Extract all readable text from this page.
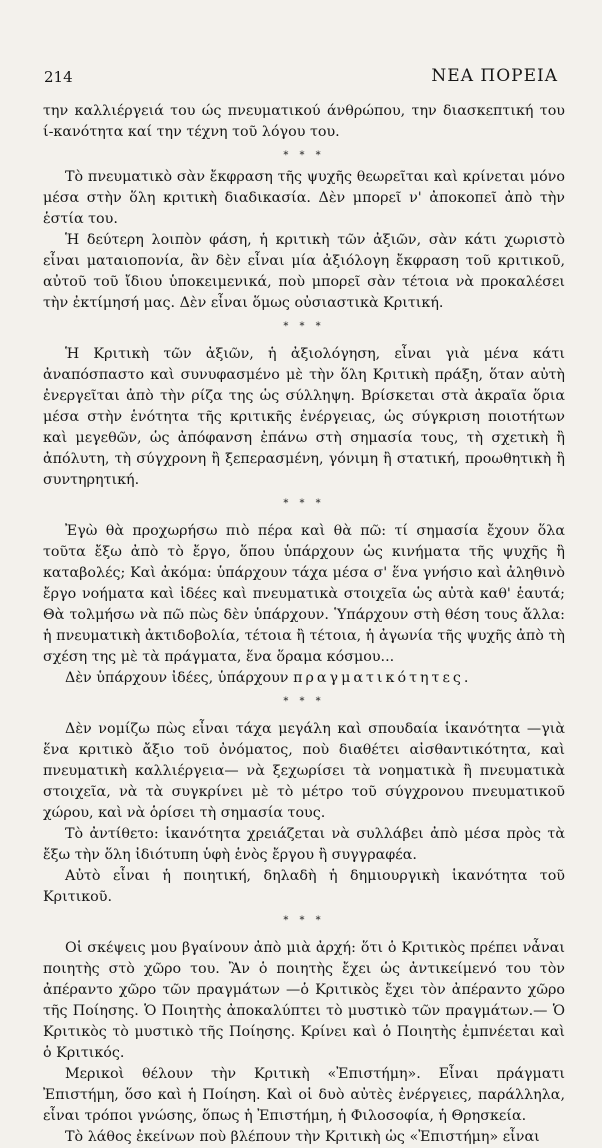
214	ΝΕΑ ΠΟΡΕΙΑ

την καλλιέργειά του ώς πνευματικού άνθρώπου, την διασκεπτική του ί-κανότητα καί την τέχνη τοῦ λόγου του.

* * *

Τὸ πνευματικὸ σὰν ἔκφραση τῆς ψυχῆς θεωρεῖται καὶ κρίνεται μόνο μέσα στὴν ὅλη κριτικὴ διαδικασία. Δὲν μπορεῖ ν' ἀποκοπεῖ ἀπὸ τὴν ἑστία του.

Ἡ δεύτερη λοιπὸν φάση, ἡ κριτικὴ τῶν ἀξιῶν, σὰν κάτι χωριστὸ εἶναι ματαιοπονία, ἂν δὲν εἶναι μία ἀξιόλογη ἔκφραση τοῦ κριτικοῦ, αὐτοῦ τοῦ ἴδιου ὑποκειμενικά, ποὺ μπορεῖ σὰν τέτοια νὰ προκαλέσει τὴν ἐκτίμησή μας. Δὲν εἶναι ὅμως οὐσιαστικὰ Κριτική.

* * *

Ἡ Κριτικὴ τῶν ἀξιῶν, ἡ ἀξιολόγηση, εἶναι γιὰ μένα κάτι ἀναπόσπαστο καὶ συνυφασμένο μὲ τὴν ὅλη Κριτικὴ πράξη, ὅταν αὐτὴ ἐνεργεῖται ἀπὸ τὴν ρίζα της ὡς σύλληψη. Βρίσκεται στὰ ἀκραῖα ὅρια μέσα στὴν ἑνότητα τῆς κριτικῆς ἐνέργειας, ὡς σύγκριση ποιοτήτων καὶ μεγεθῶν, ὡς ἀπόφανση ἐπάνω στὴ σημασία τους, τὴ σχετικὴ ἢ ἀπόλυτη, τὴ σύγχρονη ἢ ξεπερασμένη, γόνιμη ἢ στατική, προωθητικὴ ἢ συντηρητική.

* * *

Ἐγὼ θὰ προχωρήσω πιὸ πέρα καὶ θὰ πῶ: τί σημασία ἔχουν ὅλα τοῦτα ἔξω ἀπὸ τὸ ἔργο, ὅπου ὑπάρχουν ὡς κινήματα τῆς ψυχῆς ἢ καταβολές; Καὶ ἀκόμα: ὑπάρχουν τάχα μέσα σ' ἕνα γνήσιο καὶ ἀληθινὸ ἔργο νοήματα καὶ ἰδέες καὶ πνευματικὰ στοιχεῖα ὡς αὐτὰ καθ' ἑαυτά; Θὰ τολμήσω νὰ πῶ πὼς δὲν ὑπάρχουν. Ὑπάρχουν στὴ θέση τους ἄλλα: ἡ πνευματικὴ ἀκτιδοβολία, τέτοια ἢ τέτοια, ἡ ἀγωνία τῆς ψυχῆς ἀπὸ τὴ σχέση της μὲ τὰ πράγματα, ἕνα ὅραμα κόσμου...

Δὲν ὑπάρχουν ἰδέες, ὑπάρχουν πραγματικότητες.

* * *

Δὲν νομίζω πὼς εἶναι τάχα μεγάλη καὶ σπουδαία ἱκανότητα —γιὰ ἕνα κριτικὸ ἄξιο τοῦ ὀνόματος, ποὺ διαθέτει αἰσθαντικότητα, καὶ πνευματικὴ καλλιέργεια— νὰ ξεχωρίσει τὰ νοηματικὰ ἢ πνευματικὰ στοιχεῖα, νὰ τὰ συγκρίνει μὲ τὸ μέτρο τοῦ σύγχρονου πνευματικοῦ χώρου, καὶ νὰ ὁρίσει τὴ σημασία τους.

Τὸ ἀντίθετο: ἱκανότητα χρειάζεται νὰ συλλάβει ἀπὸ μέσα πρὸς τὰ ἔξω τὴν ὅλη ἰδιότυπη ὑφὴ ἑνὸς ἔργου ἢ συγγραφέα.

Αὐτὸ εἶναι ἡ ποιητική, δηλαδὴ ἡ δημιουργικὴ ἱκανότητα τοῦ Κριτικοῦ.

* * *

Οἱ σκέψεις μου βγαίνουν ἀπὸ μιὰ ἀρχή: ὅτι ὁ Κριτικὸς πρέπει νἆναι ποιητὴς στὸ χῶρο του. Ἂν ὁ ποιητὴς ἔχει ὡς ἀντικείμενό του τὸν ἀπέραντο χῶρο τῶν πραγμάτων —ὁ Κριτικὸς ἔχει τὸν ἀπέραντο χῶρο τῆς Ποίησης. Ὁ Ποιητὴς ἀποκαλύπτει τὸ μυστικὸ τῶν πραγμάτων.— Ὁ Κριτικὸς τὸ μυστικὸ τῆς Ποίησης. Κρίνει καὶ ὁ Ποιητὴς ἐμπνέεται καὶ ὁ Κριτικός.

Μερικοὶ θέλουν τὴν Κριτικὴ «Ἐπιστήμη». Εἶναι πράγματι Ἐπιστήμη, ὅσο καὶ ἡ Ποίηση. Καὶ οἱ δυὸ αὐτὲς ἐνέργειες, παράλληλα, εἶναι τρόποι γνώσης, ὅπως ἡ Ἐπιστήμη, ἡ Φιλοσοφία, ἡ Θρησκεία.

Τὸ λάθος ἐκείνων ποὺ βλέπουν τὴν Κριτικὴ ὡς «Ἐπιστήμη» εἶναι
